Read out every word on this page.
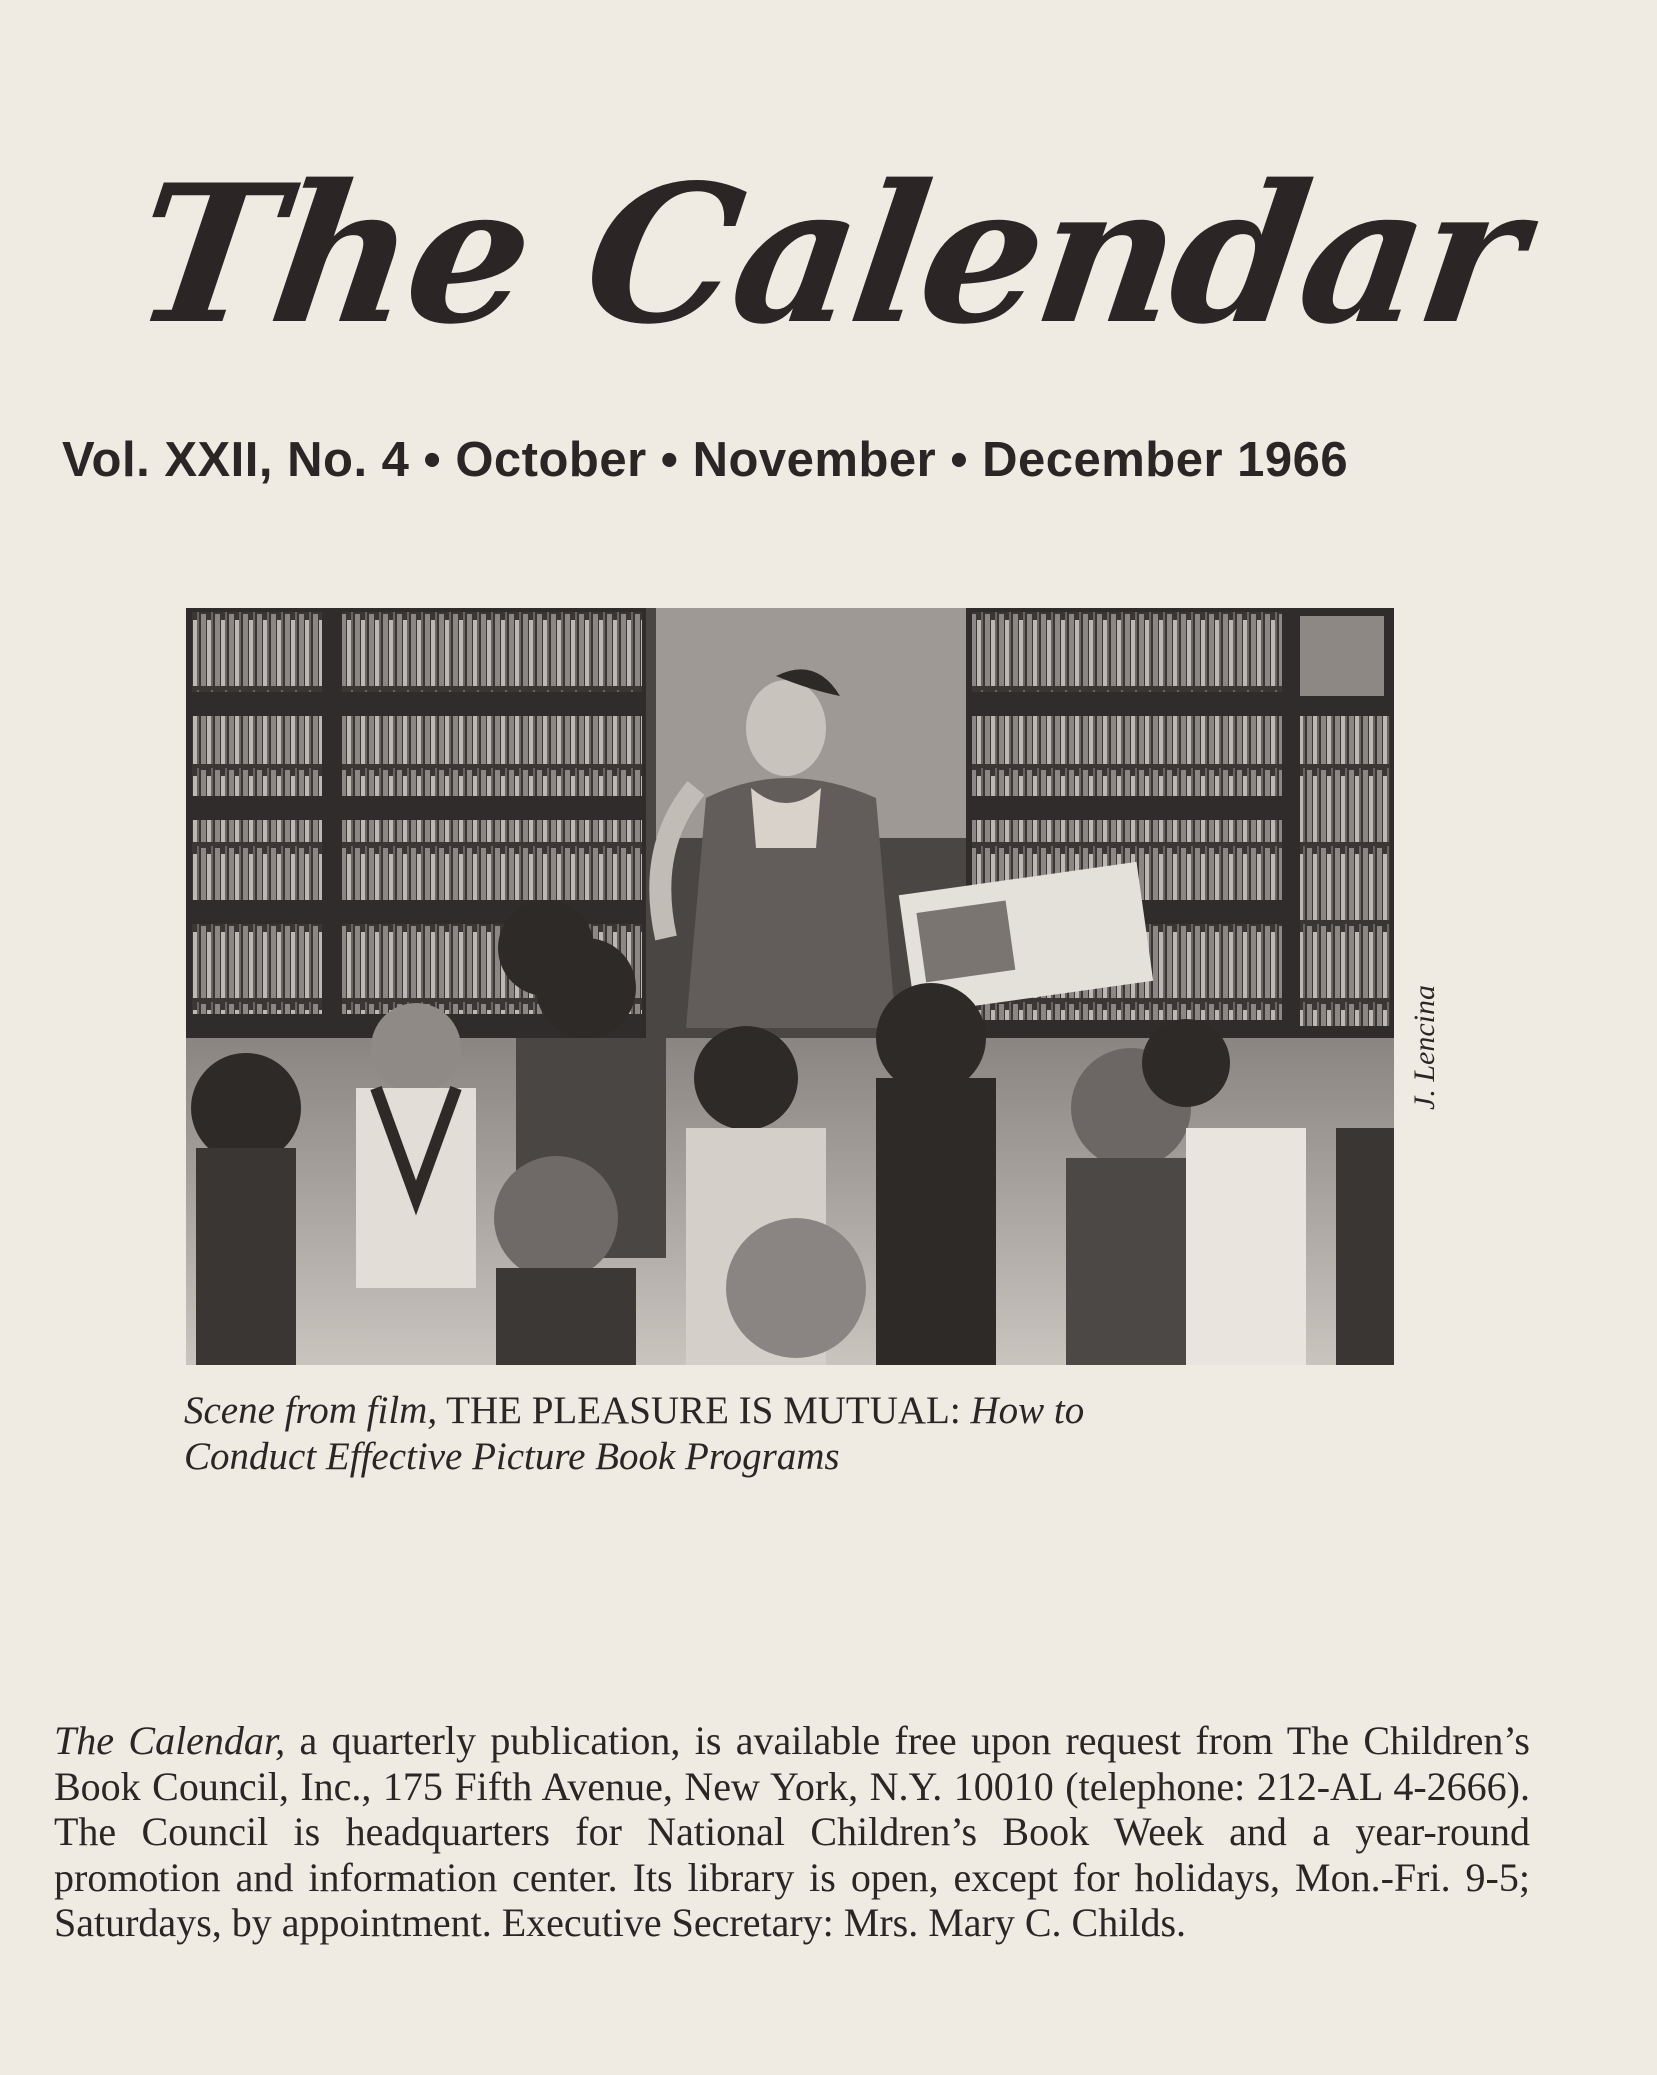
The Calendar
Vol. XXII, No. 4 • October • November • December 1966
J. Lencina
Scene from film, THE PLEASURE IS MUTUAL: How to
Conduct Effective Picture Book Programs
The Calendar, a quarterly publication, is available free upon request from The Children’s Book Council, Inc., 175 Fifth Avenue, New York, N.Y. 10010 (telephone: 212-AL 4-2666). The Council is headquarters for National Children’s Book Week and a year-round promotion and information center. Its library is open, except for holidays, Mon.-Fri. 9-5; Saturdays, by appointment. Executive Secretary: Mrs. Mary C. Childs.
